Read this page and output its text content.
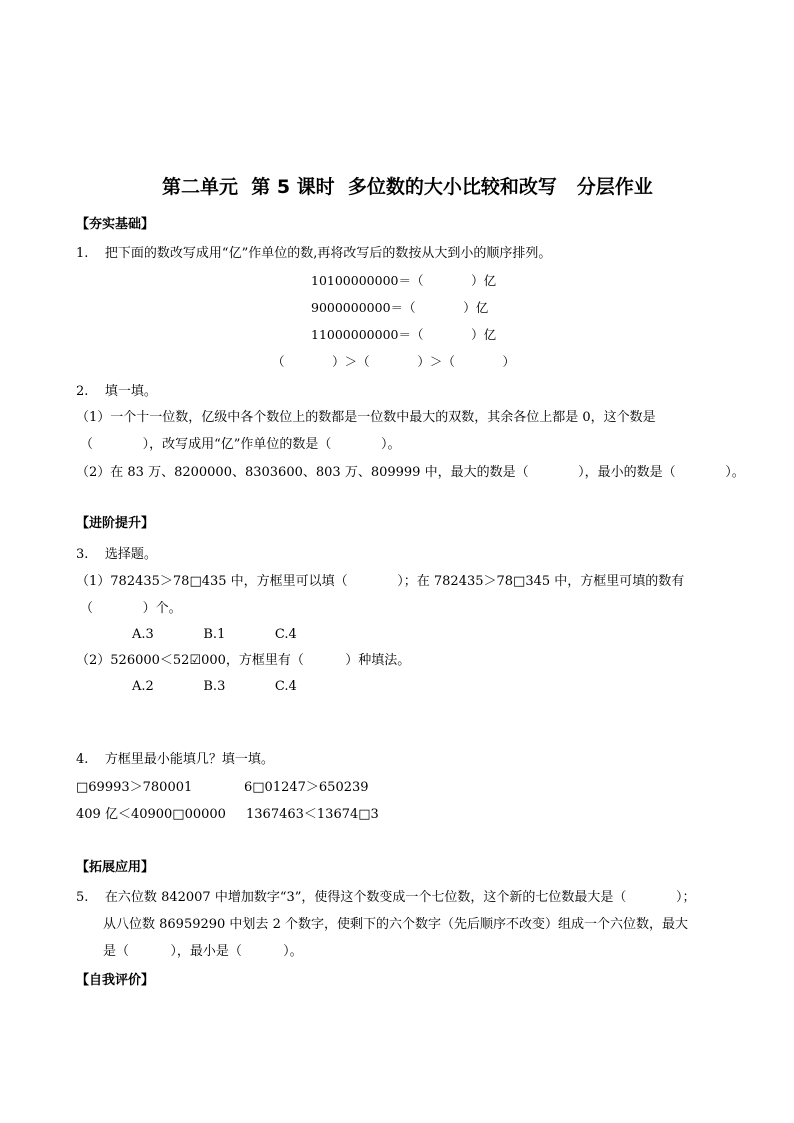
第二单元  第 5 课时  多位数的大小比较和改写   分层作业
【夯实基础】
1.    把下面的数改写成用“亿”作单位的数,再将改写后的数按从大到小的顺序排列。
10100000000＝（            ）亿
9000000000＝（            ）亿
11000000000＝（            ）亿
（            ）＞（            ）＞（            ）
2.    填一填。
（1）一个十一位数，亿级中各个数位上的数都是一位数中最大的双数，其余各位上都是 0，这个数是
（            ），改写成用“亿”作单位的数是（            ）。
（2）在 83 万、8200000、8303600、803 万、809999 中，最大的数是（            ），最小的数是（            ）。
【进阶提升】
3.    选择题。
（1）782435＞78□435 中，方框里可以填（            ）；在 782435＞78□345 中，方框里可填的数有
（            ）个。
A.3            B.1            C.4
（2）526000＜52☑000，方框里有（          ）种填法。
A.2            B.3            C.4
4.    方框里最小能填几？填一填。
□69993＞780001	6□01247＞650239
409 亿＜40900□00000 1367463＜13674□3
【拓展应用】
5.    在六位数 842007 中增加数字“3”，使得这个数变成一个七位数，这个新的七位数最大是（            ）；
从八位数 86959290 中划去 2 个数字，使剩下的六个数字（先后顺序不改变）组成一个六位数，最大
是（          ），最小是（          ）。
【自我评价】
